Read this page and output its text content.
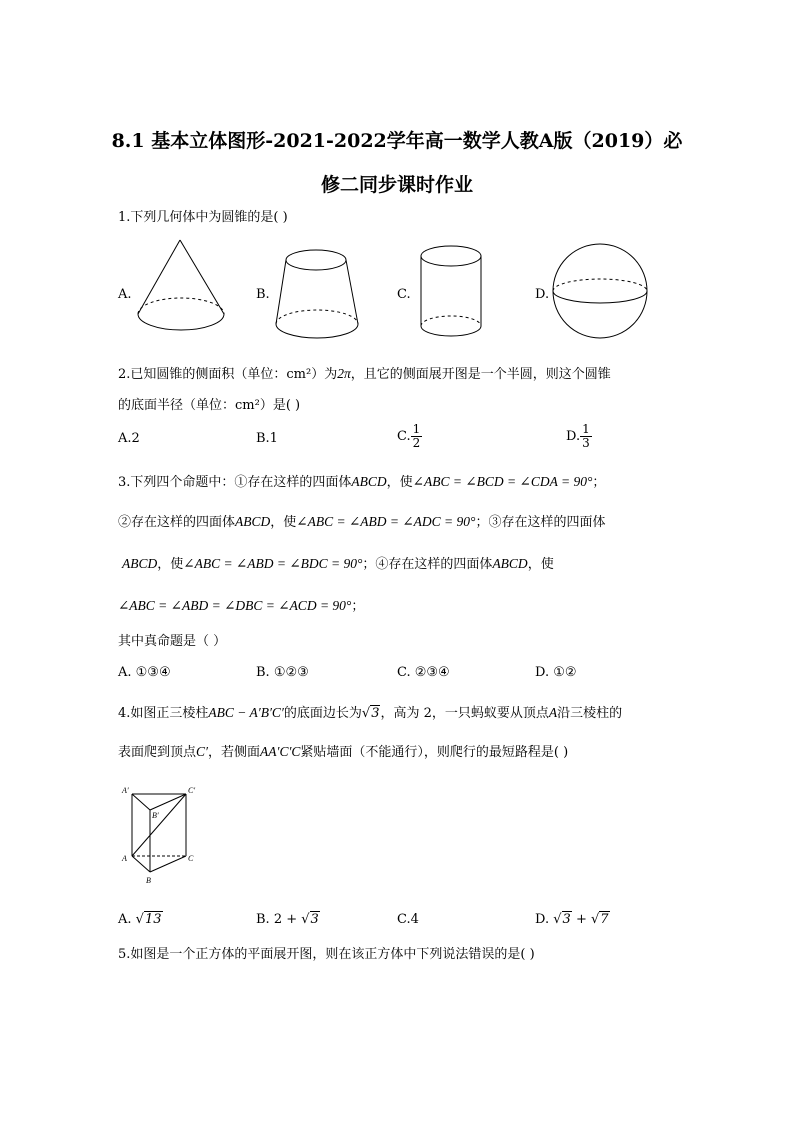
8.1 基本立体图形-2021-2022学年高一数学人教A版（2019）必
修二同步课时作业
1.下列几何体中为圆锥的是( )
A.	B.	C.	D.
2.已知圆锥的侧面积（单位：cm²）为2π，且它的侧面展开图是一个半圆，则这个圆锥
的底面半径（单位：cm²）是( )
A.2	B.1	C. $\frac{1}{2}$	D. $\frac{1}{3}$
3.下列四个命题中：①存在这样的四面体ABCD，使∠ABC = ∠BCD = ∠CDA = 90°；
②存在这样的四面体ABCD，使∠ABC = ∠ABD = ∠ADC = 90°；③存在这样的四面体
ABCD，使∠ABC = ∠ABD = ∠BDC = 90°；④存在这样的四面体ABCD，使
∠ABC = ∠ABD = ∠DBC = ∠ACD = 90°；
其中真命题是（ ）
A. ①③④	B. ①②③	C. ②③④	D. ①②
4.如图正三棱柱ABC − A′B′C′的底面边长为√3，高为 2，一只蚂蚁要从顶点A沿三棱柱的
表面爬到顶点C′，若侧面AA′C′C紧贴墙面（不能通行），则爬行的最短路程是( )
A′	C′
B′
A	C
B
A. √13	B. 2 + √3	C.4	D. √3 + √7
5.如图是一个正方体的平面展开图，则在该正方体中下列说法错误的是( )
